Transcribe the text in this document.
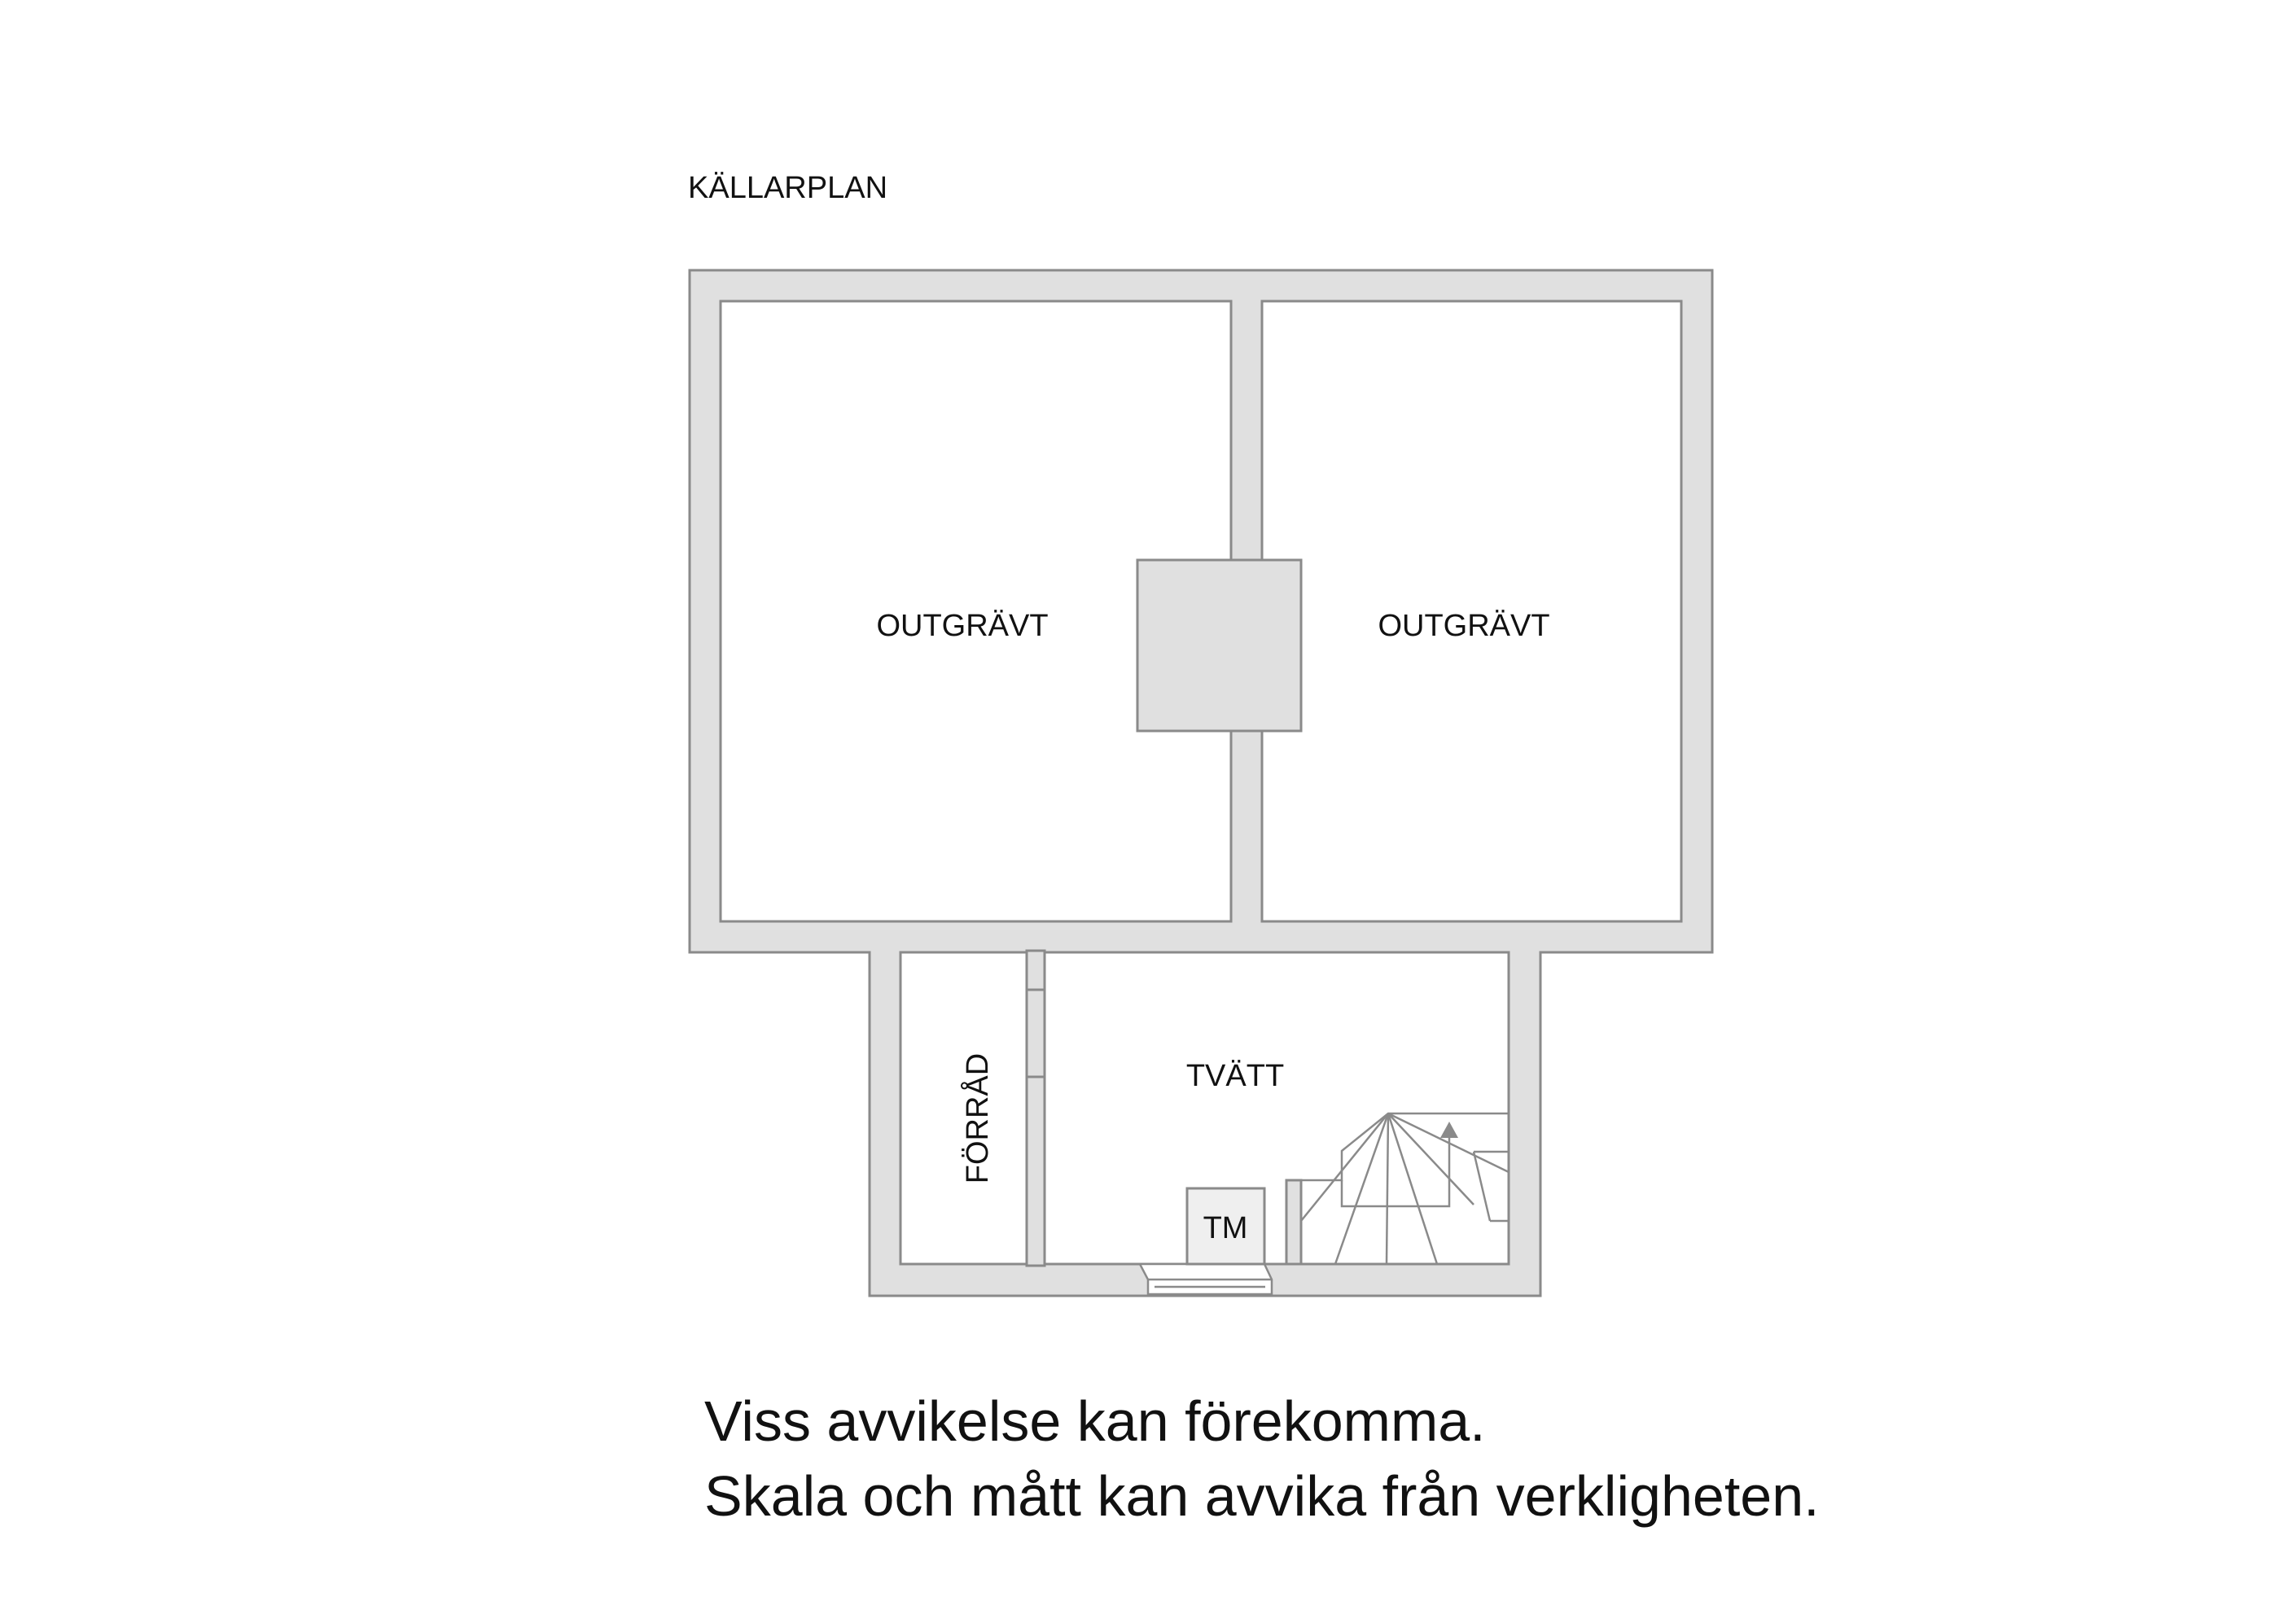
KÄLLARPLAN
OUTGRÄVT	OUTGRÄVT
TVÄTT
FÖRRÅD
TM
Viss avvikelse kan förekomma.
Skala och mått kan avvika från verkligheten.
